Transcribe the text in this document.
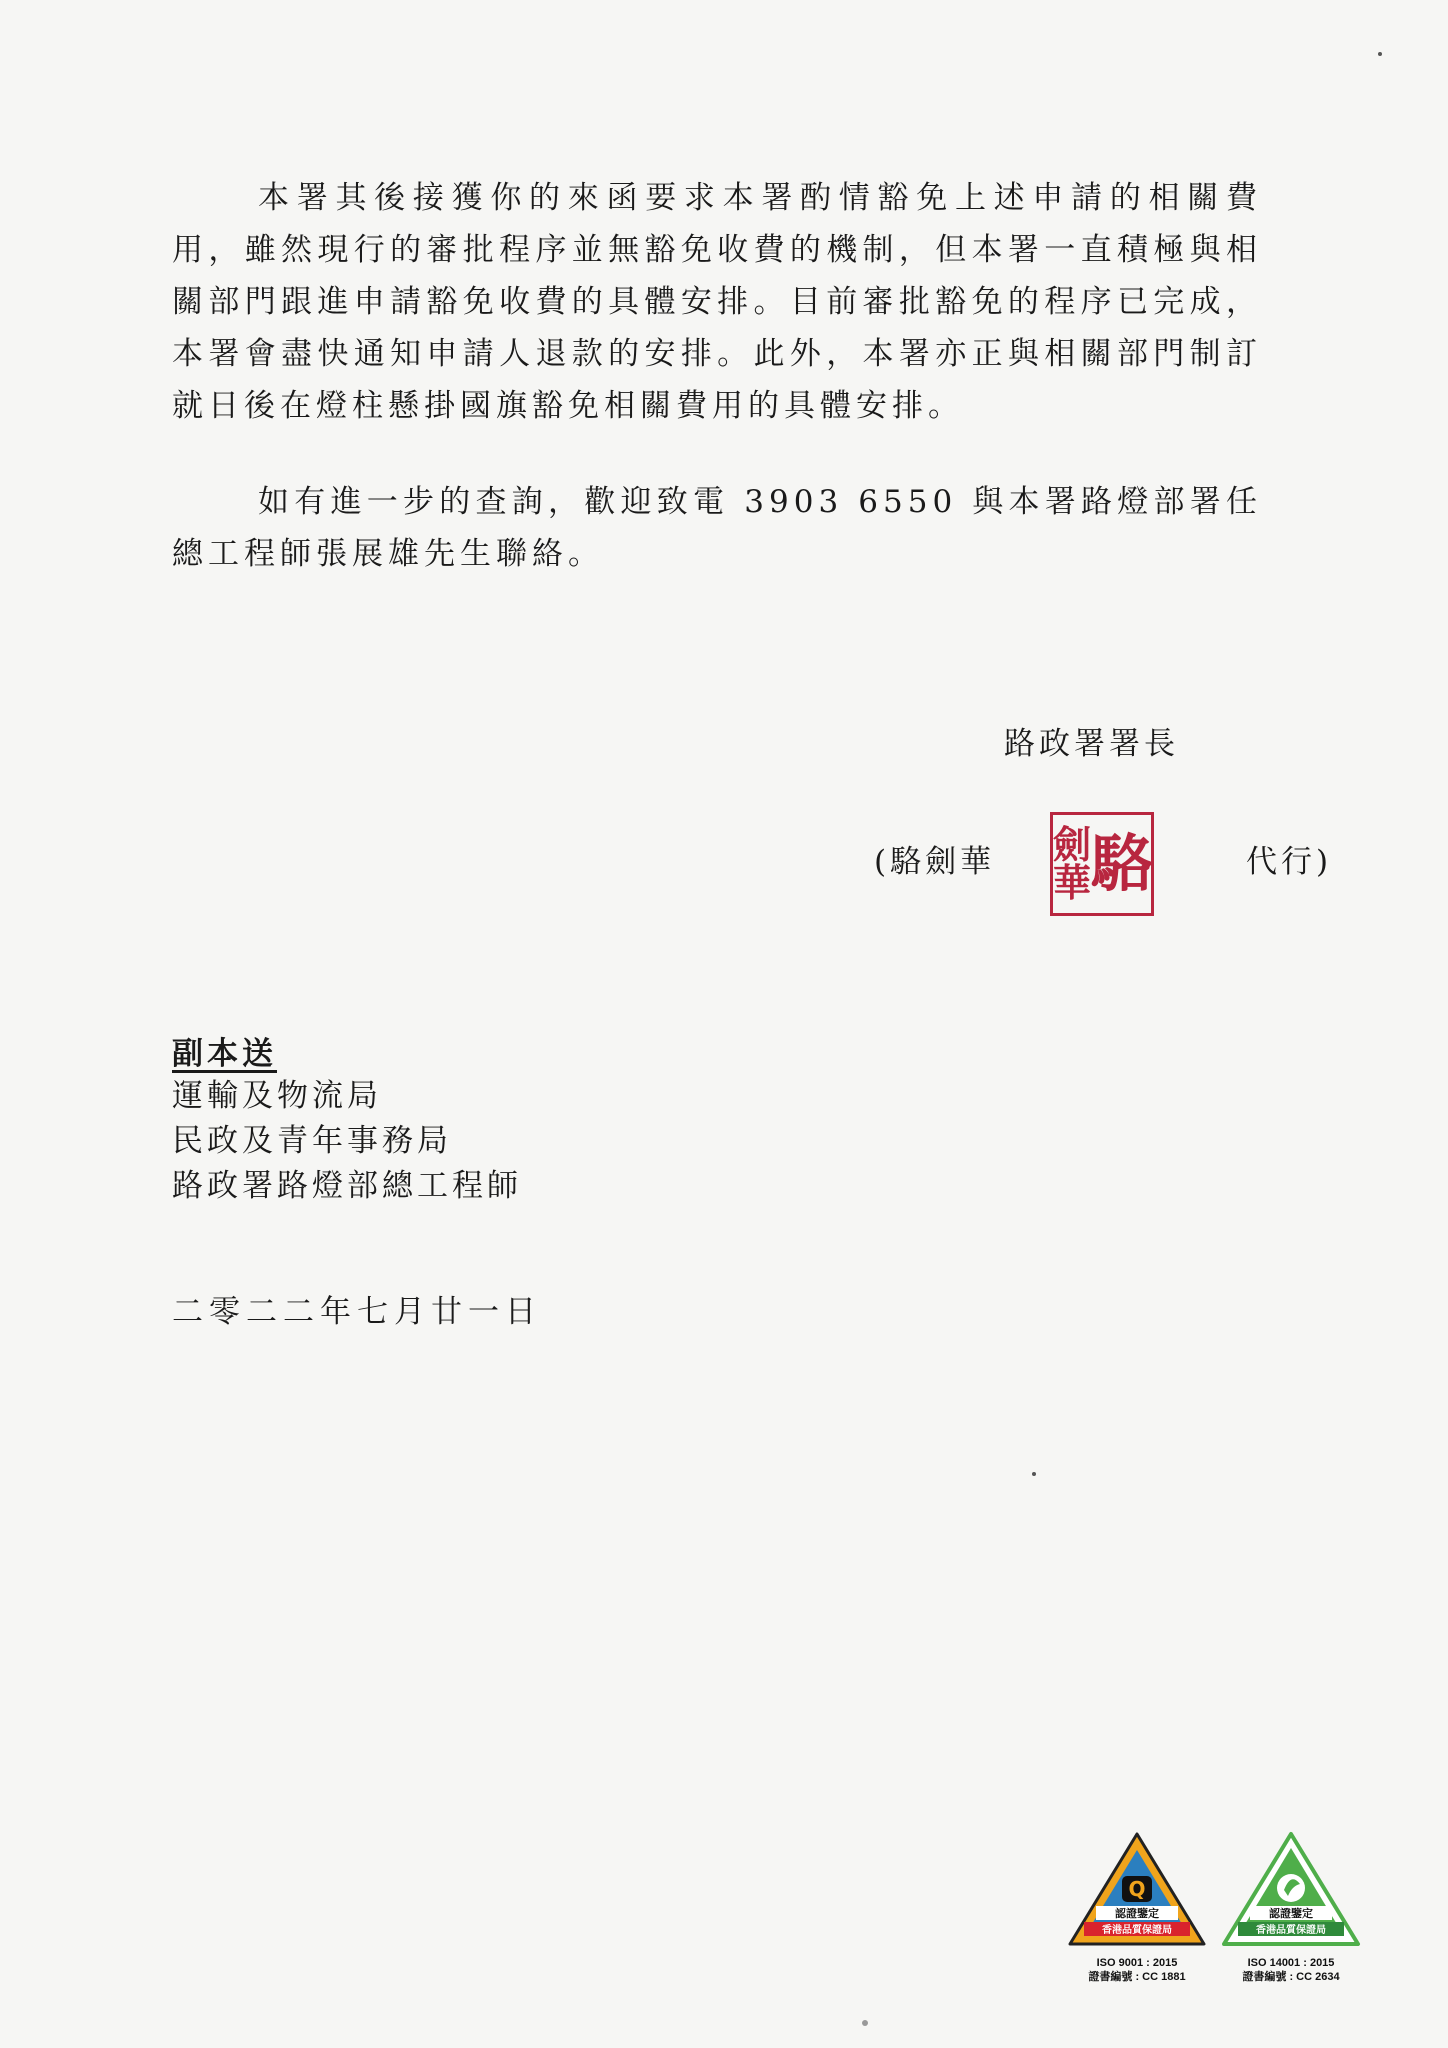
本署其後接獲你的來函要求本署酌情豁免上述申請的相關費用，雖然現行的審批程序並無豁免收費的機制，但本署一直積極與相關部門跟進申請豁免收費的具體安排。目前審批豁免的程序已完成，本署會盡快通知申請人退款的安排。此外，本署亦正與相關部門制訂就日後在燈柱懸掛國旗豁免相關費用的具體安排。

如有進一步的查詢，歡迎致電 3903 6550 與本署路燈部署任總工程師張展雄先生聯絡。

路政署署長
(駱劍華 駱
劍
華	代行)
副本送
運輸及物流局
民政及青年事務局
路政署路燈部總工程師
二零二二年七月廿一日
Q
認證鑒定
香港品質保證局
ISO 9001 : 2015
證書編號 : CC 1881
認證鑒定
香港品質保證局
ISO 14001 : 2015
證書編號 : CC 2634
